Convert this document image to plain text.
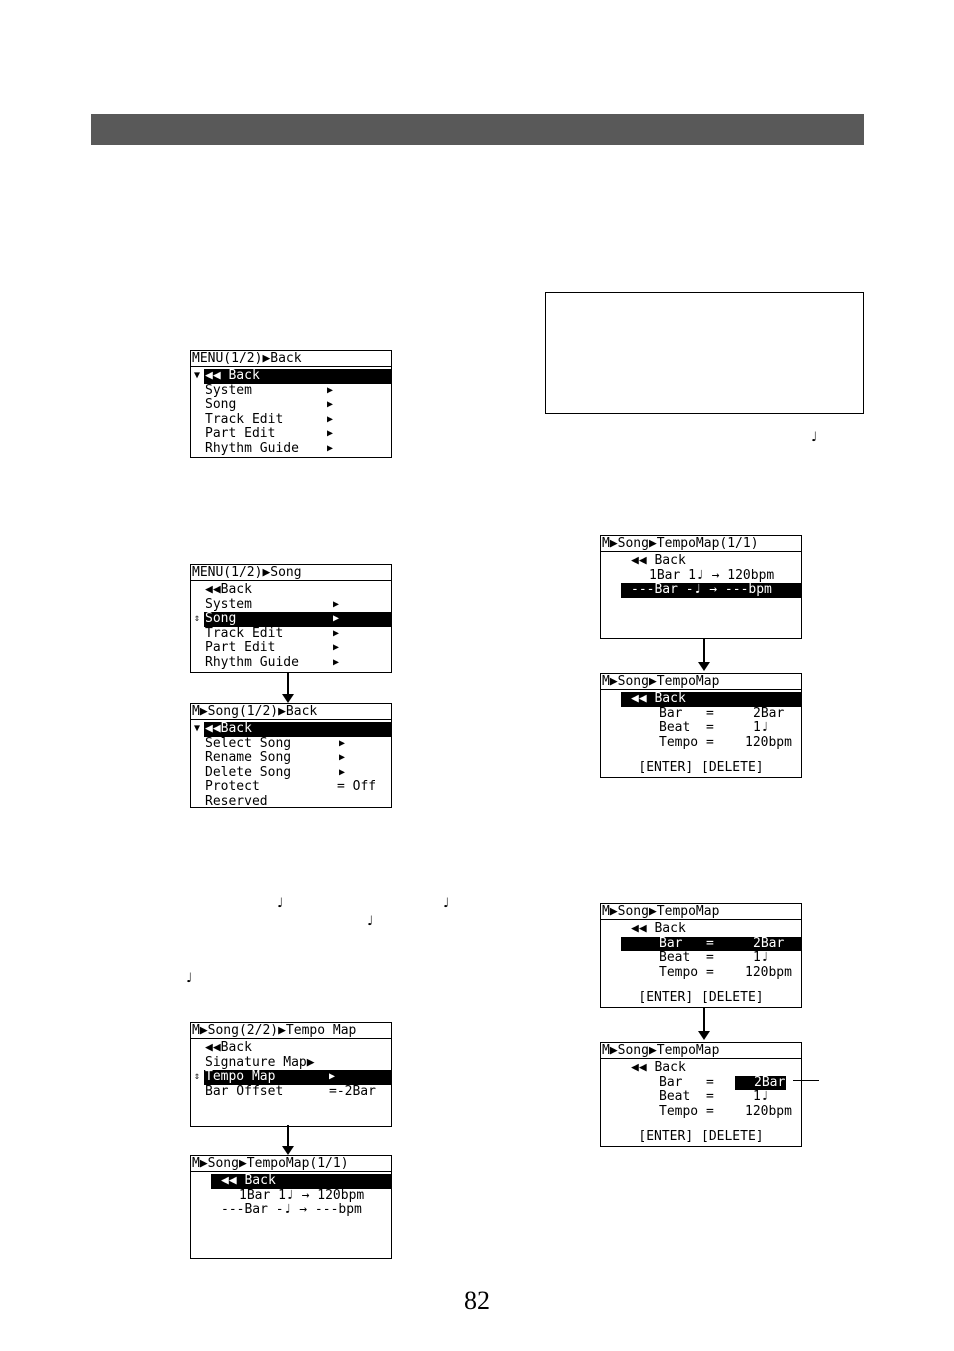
♩
♩	♩
♩
♩
MENU(1/2)▶Back

▼

◀◀ Back

System

	▶

Song

	▶

Track Edit

	▶

Part Edit

	▶

Rhythm Guide

	▶

MENU(1/2)▶Song

◀◀Back

System

	▶

⇕

Song

	▶

Track Edit

	▶

Part Edit

	▶

Rhythm Guide

	▶

M▶Song(1/2)▶Back

▼

◀◀Back

Select Song

	▶

Rename Song

	▶

Delete Song

	▶

Protect

	= Off

Reserved

M▶Song(2/2)▶Tempo Map

◀◀Back

Signature Map▶

⇕

Tempo Map

	▶

Bar Offset

	=-2Bar

M▶Song▶TempoMap(1/1)

◀◀ Back

1Bar 1♩ → 120bpm

---Bar -♩ → ---bpm

M▶Song▶TempoMap(1/1)

◀◀ Back

1Bar 1♩ → 120bpm

---Bar -♩ → ---bpm

M▶Song▶TempoMap

◀◀ Back

Bar   =

	2Bar

Beat  =

	1♩

Tempo =

120bpm

[ENTER] [DELETE]
M▶Song▶TempoMap

◀◀ Back

Bar   =

	2Bar

Beat  =

	1♩

Tempo =

120bpm

[ENTER] [DELETE]
M▶Song▶TempoMap

◀◀ Back

Bar   =

	2Bar

Beat  =

	1♩

Tempo =

120bpm

[ENTER] [DELETE]
82
